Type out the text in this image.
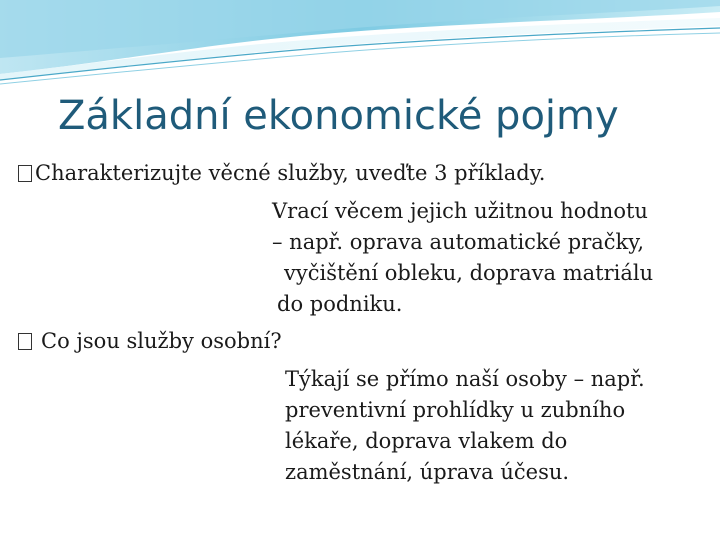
Základní ekonomické pojmy
Charakterizujte věcné služby, uveďte 3 příklady.

Vrací věcem jejich užitnou hodnotu

– např. oprava automatické pračky,

vyčištění obleku, doprava matriálu

do podniku.

Co jsou služby osobní?

Týkají se přímo naší osoby – např.

preventivní prohlídky u zubního

lékaře, doprava vlakem do

zaměstnání, úprava účesu.
